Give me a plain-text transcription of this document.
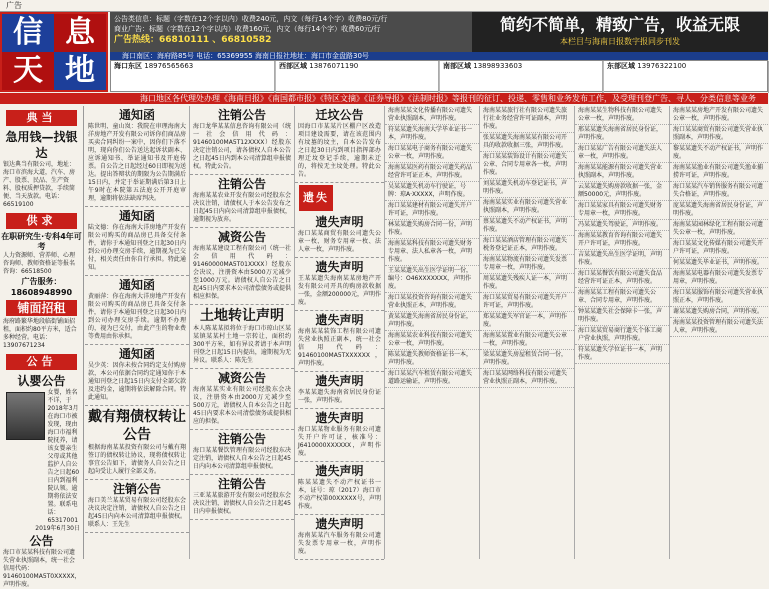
广告
信 息
天 地
公告类信息：标题（字数在12个字以内）收费240元，内文（每行14个字）收费80元/行
商业广告：标题（字数在12个字以内）收费160元，内文（每行14个字）收费60元/行
广告热线：66810111 、66810582
简约不简单，精致广告，收益无限
本栏目与海南日报数字报同步刊发
海口南区：海府路85号 电话：65369955 海南日报社地址：海口市金盘路30号
海口东区 18976565663	西部区域 13876071190	南部区域 13898933603	东部区域 13976322100
海口地区各代理处办理《海南日报》《南国都市报》《特区文摘》《证券导报》《法制时报》等报刊的征订、投递、零售和业务发布工作，及受理刊登广告、寻人、分类信息等业务
典当
急用钱—找银达
银达典当有限公司，地址：海口市滨海大道，汽车、房产、股票、民品、生产资料、股权质押贷款，手续简便、当天放款。电话：66519100
供求
在职研究生·专科4年可考
人力资源师、营养师、心理咨询师、教师资格证等报名咨询：66518500
广告服务：18608948990
铺面招租
海府路繁华地段临街铺面招租，面积约80平方米，适合多种经营。电话：13907671234
公告
认婴公告
女婴，姓名不详，于2018年3月在海口市被发现，现由海口市福利院抚养，请该女婴亲生父母或其他监护人自公告之日起60日内到福利院认领。逾期将依法安置。联系电话：65317001
2019年6月30日
公告
海口市某某科技有限公司遗失营业执照副本，统一社会信用代码：91460100MA5T0XXXXX，声明作废。
通知函

陈世明、童山岚：我院在审理海南大洋房地产开发有限公司诉你们商品房买卖合同纠纷一案中，因你们下落不明，现向你们公告送达起诉状副本、应诉通知书、举证通知书及开庭传票。自公告之日起经过60日即视为送达。提出答辩状的期限为公告期满后15日内，并定于举证期满后第3日上午9时在本院第五法庭公开开庭审理，逾期将依法缺席判决。

通知函

陆文德：你在海南大洋房地产开发有限公司购买的商品房已具备交付条件，请你于本通知刊登之日起30日内到公司办理交房手续，逾期视为已交付，相关责任由你自行承担。特此通知。

通知函

黄丽萍：你在海南大洋房地产开发有限公司购买的商品房已具备交付条件，请你于本通知刊登之日起30日内到公司办理交房手续。逾期不办理的，视为已交付，由此产生的物业费等费用由你承担。

通知函

吴少英：因你未按合同约定支付购房款，本公司依据合同约定通知你于本通知刊登之日起15日内支付全部欠款及违约金，逾期将依法解除合同。特此通知。

戴有翔债权转让公告

根据海南某某投资有限公司与戴有翔签订的债权转让协议，现将债权转让事宜公告如下，请债务人自公告之日起向受让人履行全部义务。

注销公告

海口美兰某某贸易有限公司经股东会决议决定注销，请债权人自公告之日起45日内向本公司清算组申报债权。联系人：王先生

注销公告

海口龙华某某信息咨询有限公司（统一社会信用代码：91460100MA5T12XXXX）经股东决定注销公司，请各债权人自本公告之日起45日内到本公司清算组申报债权。特此公告。

注销公告

海南某某农业开发有限公司经股东会决议注销，请债权人于本公告发布之日起45日内向公司清算组申报债权，逾期视为放弃。

减资公告

海南某某建设工程有限公司（统一社会信用代码：91460000MA5T01XXXX）经股东会决议，注册资本由5000万元减少至1000万元。请债权人自公告之日起45日内要求本公司清偿债务或提供相应担保。

土地转让声明

本人陈某某拟将位于海口市琼山区某某镇某某村土地一宗转让，面积约300平方米，如有异议者请于本声明刊登之日起15日内提出，逾期视为无异议。联系人：陈先生

减资公告

海南某某实业有限公司经股东会决议，注册资本由2000万元减少至500万元，请债权人自本公告之日起45日内要求本公司清偿债务或提供相应的担保。

注销公告

海口某某餐饮管理有限公司经股东决定注销，请债权人自本公告之日起45日内向本公司清算组申报债权。

注销公告

三亚某某旅游开发有限公司经股东会决议注销，请债权人自公告之日起45日内申报债权。

迁坟公告

因海口市某某片区棚户区改造项目建设需要，请在该范围内有坟墓的坟主，自本公告发布之日起30日内到项目指挥部办理迁坟登记手续，逾期未迁的，将按无主坟处理。特此公告。

遗失
遗失声明

海口某某商贸有限公司遗失公章一枚、财务专用章一枚、法人章一枚，声明作废。

遗失声明

王某某遗失海南某某房地产开发有限公司开具的购房款收据一张，金额200000元，声明作废。

遗失声明

海南某某装饰工程有限公司遗失营业执照正副本，统一社会信用代码：91460100MA5TXXXXXX，声明作废。

遗失声明

李某某遗失海南省居民身份证一张，声明作废。

遗失声明

海口某某物业服务有限公司遗失开户许可证，核准号：J6410000XXXXXX，声明作废。

遗失声明

陈某某遗失不动产权证书一本，证号：琼（2017）海口市不动产权第00XXXXX号，声明作废。

遗失声明

海南某某汽车服务有限公司遗失发票专用章一枚，声明作废。

海南某某文化传播有限公司遗失营业执照副本，声明作废。
符某某遗失海南大学毕业证书一本，声明作废。
海口某某电子商务有限公司遗失公章一枚，声明作废。
海南某某医药有限公司遗失药品经营许可证正本，声明作废。
吴某某遗失机动车行驶证，号牌：琼A·XXXXX，声明作废。
海口某某建材有限公司遗失开户许可证，声明作废。
林某某遗失购房合同一份，声明作废。
海南某某科技有限公司遗失财务专用章、法人私章各一枚，声明作废。
王某某遗失出生医学证明一份，编号：O46XXXXXXX，声明作废。
海口某某投资咨询有限公司遗失营业执照正本，声明作废。
黄某某遗失海南省居民身份证，声明作废。
海南某某农业科技有限公司遗失公章一枚，声明作废。
陈某某遗失教师资格证书一本，声明作废。
海口某某汽车租赁有限公司遗失道路运输证，声明作废。
海南某某旅行社有限公司遗失旅行社业务经营许可证副本，声明作废。
张某某遗失海南某某有限公司开具的收款收据三张，声明作废。
海口某某装饰设计有限公司遗失公章、合同专用章各一枚，声明作废。
刘某某遗失机动车登记证书，声明作废。
海南某某实业有限公司遗失营业执照副本，声明作废。
蔡某某遗失不动产权证书，声明作废。
海口某某酒店管理有限公司遗失税务登记证正本，声明作废。
海南某某物流有限公司遗失发票专用章一枚，声明作废。
周某某遗失残疾人证一本，声明作废。
海口某某贸易有限公司遗失开户许可证，声明作废。
郑某某遗失军官证一本，声明作废。
海南某某置业有限公司遗失公章一枚，声明作废。
梁某某遗失房屋租赁合同一份，声明作废。
海口某某网络科技有限公司遗失营业执照正副本，声明作废。
海南某某生物科技有限公司遗失公章一枚，声明作废。
邢某某遗失海南省居民身份证，声明作废。
海口某某广告有限公司遗失法人章一枚，声明作废。
海南某某能源有限公司遗失营业执照副本，声明作废。
云某某遗失购房款收据一张，金额50000元，声明作废。
海口某某家具有限公司遗失财务专用章一枚，声明作废。
冯某某遗失驾驶证，声明作废。
海南某某教育咨询有限公司遗失开户许可证，声明作废。
吉某某遗失出生医学证明，声明作废。
海口某某餐饮有限公司遗失食品经营许可证正本，声明作废。
海南某某工程有限公司遗失公章、合同专用章，声明作废。
钟某某遗失社会保障卡一张，声明作废。
海口某某贸易商行遗失个体工商户营业执照，声明作废。
符某某遗失学位证书一本，声明作废。
海南某某房地产开发有限公司遗失公章一枚，声明作废。
海口某某商贸有限公司遗失营业执照副本，声明作废。
黎某某遗失不动产权证书，声明作废。
海南某某渔业有限公司遗失渔业捕捞许可证，声明作废。
海口某某汽车销售服务有限公司遗失合格证，声明作废。
庞某某遗失海南省居民身份证，声明作废。
海南某某园林绿化工程有限公司遗失公章一枚，声明作废。
海口某某文化传媒有限公司遗失开户许可证，声明作废。
何某某遗失毕业证书，声明作废。
海南某某电器有限公司遗失发票专用章，声明作废。
海口某某服饰有限公司遗失营业执照正本，声明作废。
谢某某遗失购房合同，声明作废。
海南某某投资管理有限公司遗失法人章，声明作废。
